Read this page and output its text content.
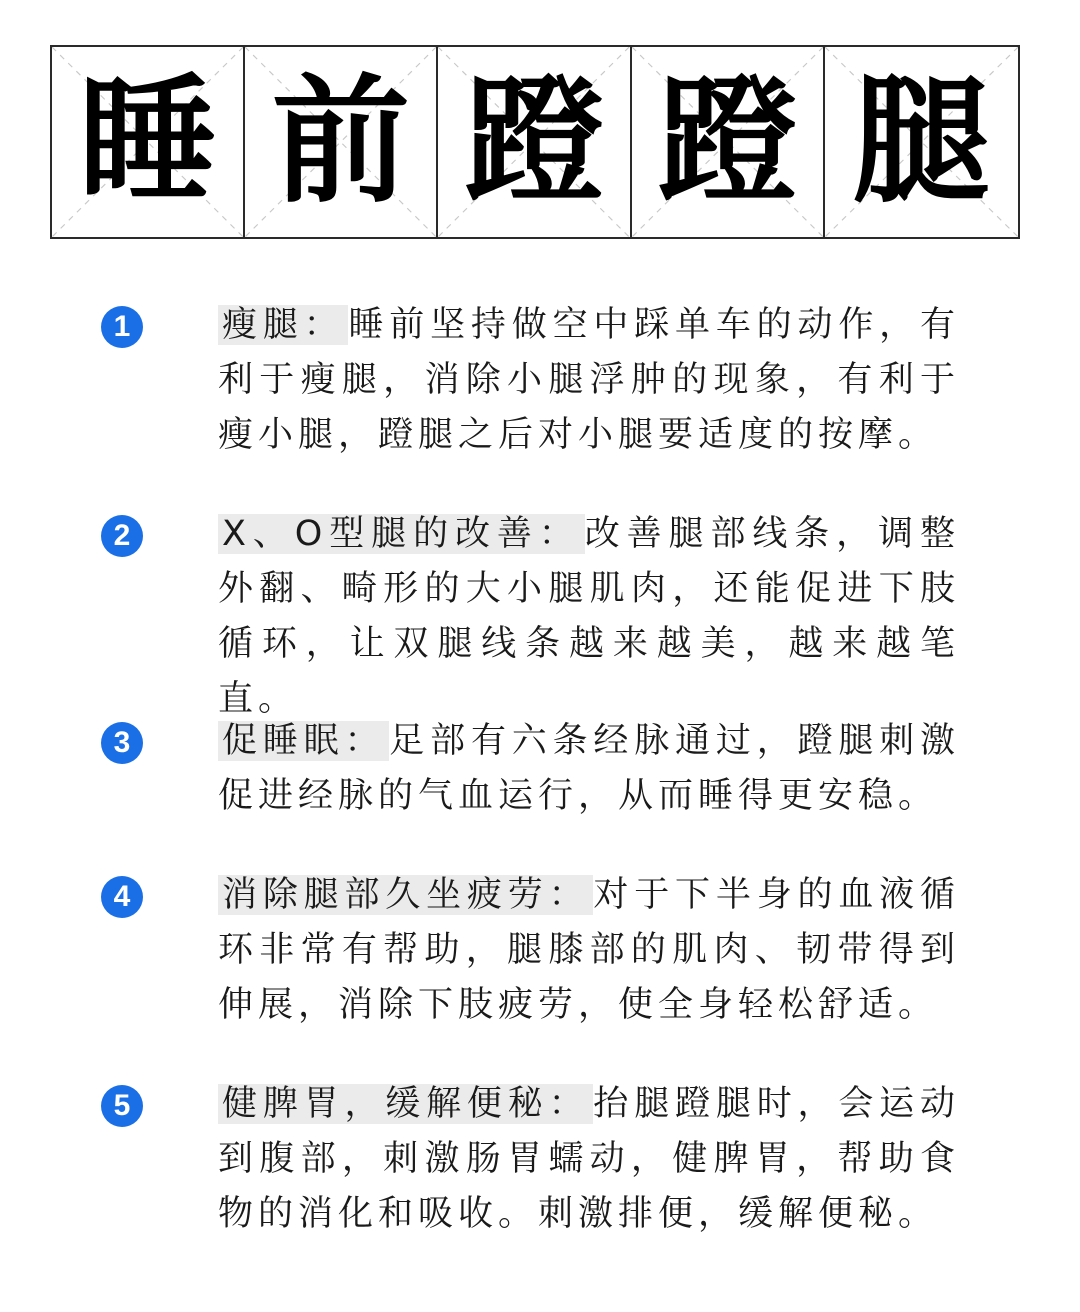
睡 前 蹬 蹬 腿
1	瘦腿： 睡前坚持做空中踩单车的动作，有利于瘦腿，消除小腿浮肿的现象，有利于瘦小腿，蹬腿之后对小腿要适度的按摩。
2	X、O型腿的改善： 改善腿部线条，调整外翻、畸形的大小腿肌肉，还能促进下肢循环，让双腿线条越来越美，越来越笔直。
3	促睡眠： 足部有六条经脉通过，蹬腿刺激促进经脉的气血运行，从而睡得更安稳。
4	消除腿部久坐疲劳： 对于下半身的血液循环非常有帮助，腿膝部的肌肉、韧带得到伸展，消除下肢疲劳，使全身轻松舒适。
5	健脾胃，缓解便秘： 抬腿蹬腿时，会运动到腹部，刺激肠胃蠕动，健脾胃，帮助食物的消化和吸收。刺激排便，缓解便秘。
